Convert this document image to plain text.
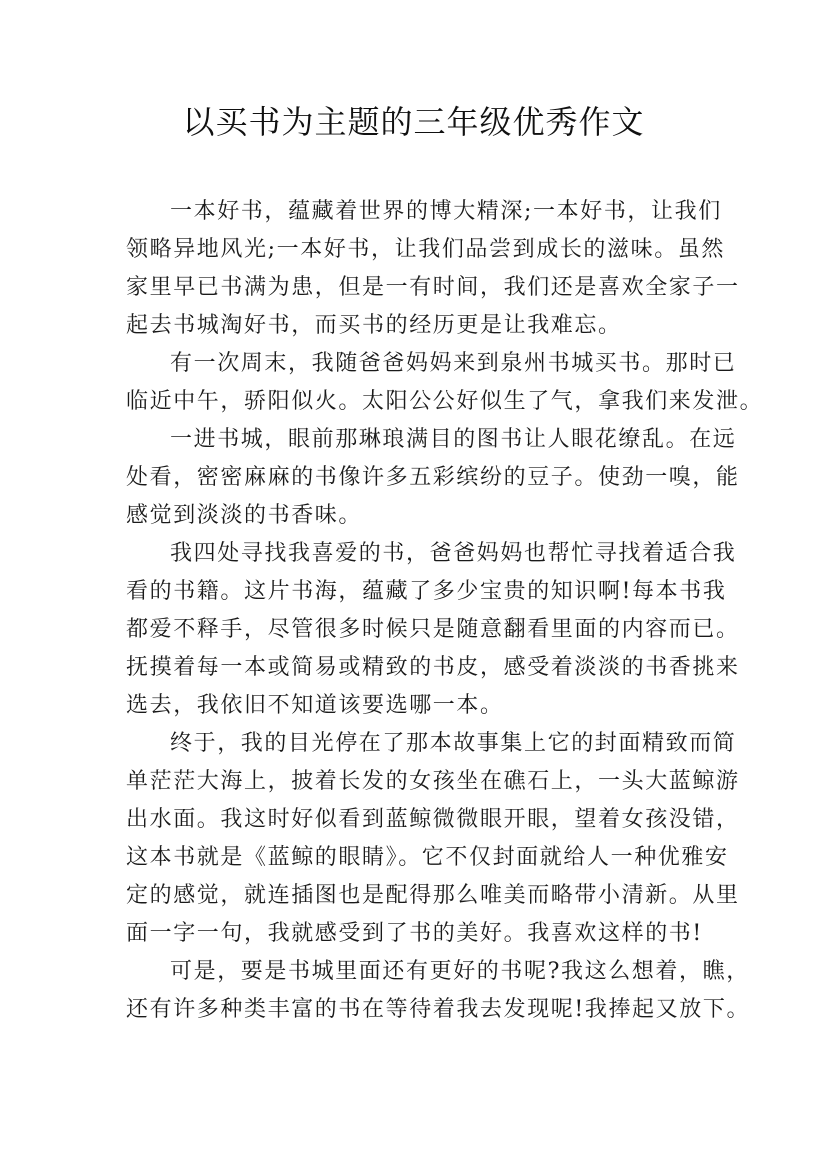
以买书为主题的三年级优秀作文
一本好书，蕴藏着世界的博大精深;一本好书，让我们
领略异地风光;一本好书，让我们品尝到成长的滋味。虽然
家里早已书满为患，但是一有时间，我们还是喜欢全家子一
起去书城淘好书，而买书的经历更是让我难忘。
有一次周末，我随爸爸妈妈来到泉州书城买书。那时已
临近中午，骄阳似火。太阳公公好似生了气，拿我们来发泄。
一进书城，眼前那琳琅满目的图书让人眼花缭乱。在远
处看，密密麻麻的书像许多五彩缤纷的豆子。使劲一嗅，能
感觉到淡淡的书香味。
我四处寻找我喜爱的书，爸爸妈妈也帮忙寻找着适合我
看的书籍。这片书海，蕴藏了多少宝贵的知识啊!每本书我
都爱不释手，尽管很多时候只是随意翻看里面的内容而已。
抚摸着每一本或简易或精致的书皮，感受着淡淡的书香挑来
选去，我依旧不知道该要选哪一本。
终于，我的目光停在了那本故事集上它的封面精致而简
单茫茫大海上，披着长发的女孩坐在礁石上，一头大蓝鲸游
出水面。我这时好似看到蓝鲸微微眼开眼，望着女孩没错，
这本书就是《蓝鲸的眼睛》。它不仅封面就给人一种优雅安
定的感觉，就连插图也是配得那么唯美而略带小清新。从里
面一字一句，我就感受到了书的美好。我喜欢这样的书!
可是，要是书城里面还有更好的书呢?我这么想着，瞧，
还有许多种类丰富的书在等待着我去发现呢!我捧起又放下。
